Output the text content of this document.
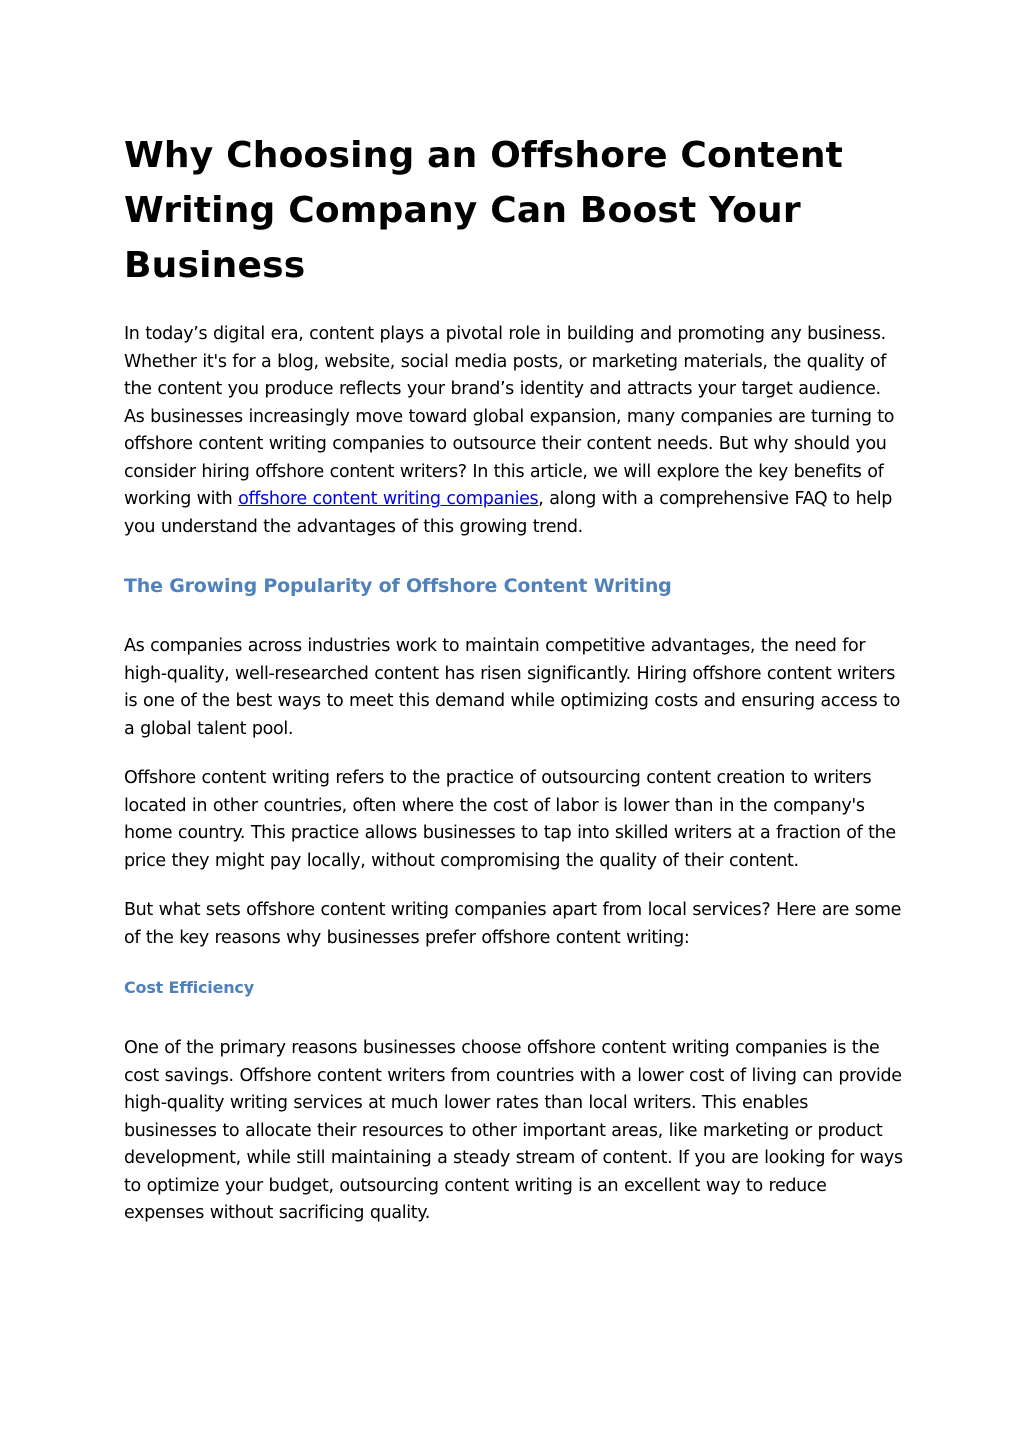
Why Choosing an Offshore Content Writing Company Can Boost Your Business

In today’s digital era, content plays a pivotal role in building and promoting any business. Whether it's for a blog, website, social media posts, or marketing materials, the quality of the content you produce reflects your brand’s identity and attracts your target audience. As businesses increasingly move toward global expansion, many companies are turning to offshore content writing companies to outsource their content needs. But why should you consider hiring offshore content writers? In this article, we will explore the key benefits of working with offshore content writing companies, along with a comprehensive FAQ to help you understand the advantages of this growing trend.

The Growing Popularity of Offshore Content Writing

As companies across industries work to maintain competitive advantages, the need for high-quality, well-researched content has risen significantly. Hiring offshore content writers is one of the best ways to meet this demand while optimizing costs and ensuring access to a global talent pool.

Offshore content writing refers to the practice of outsourcing content creation to writers located in other countries, often where the cost of labor is lower than in the company's home country. This practice allows businesses to tap into skilled writers at a fraction of the price they might pay locally, without compromising the quality of their content.

But what sets offshore content writing companies apart from local services? Here are some of the key reasons why businesses prefer offshore content writing:

Cost Efficiency

One of the primary reasons businesses choose offshore content writing companies is the cost savings. Offshore content writers from countries with a lower cost of living can provide high-quality writing services at much lower rates than local writers. This enables businesses to allocate their resources to other important areas, like marketing or product development, while still maintaining a steady stream of content. If you are looking for ways to optimize your budget, outsourcing content writing is an excellent way to reduce expenses without sacrificing quality.
